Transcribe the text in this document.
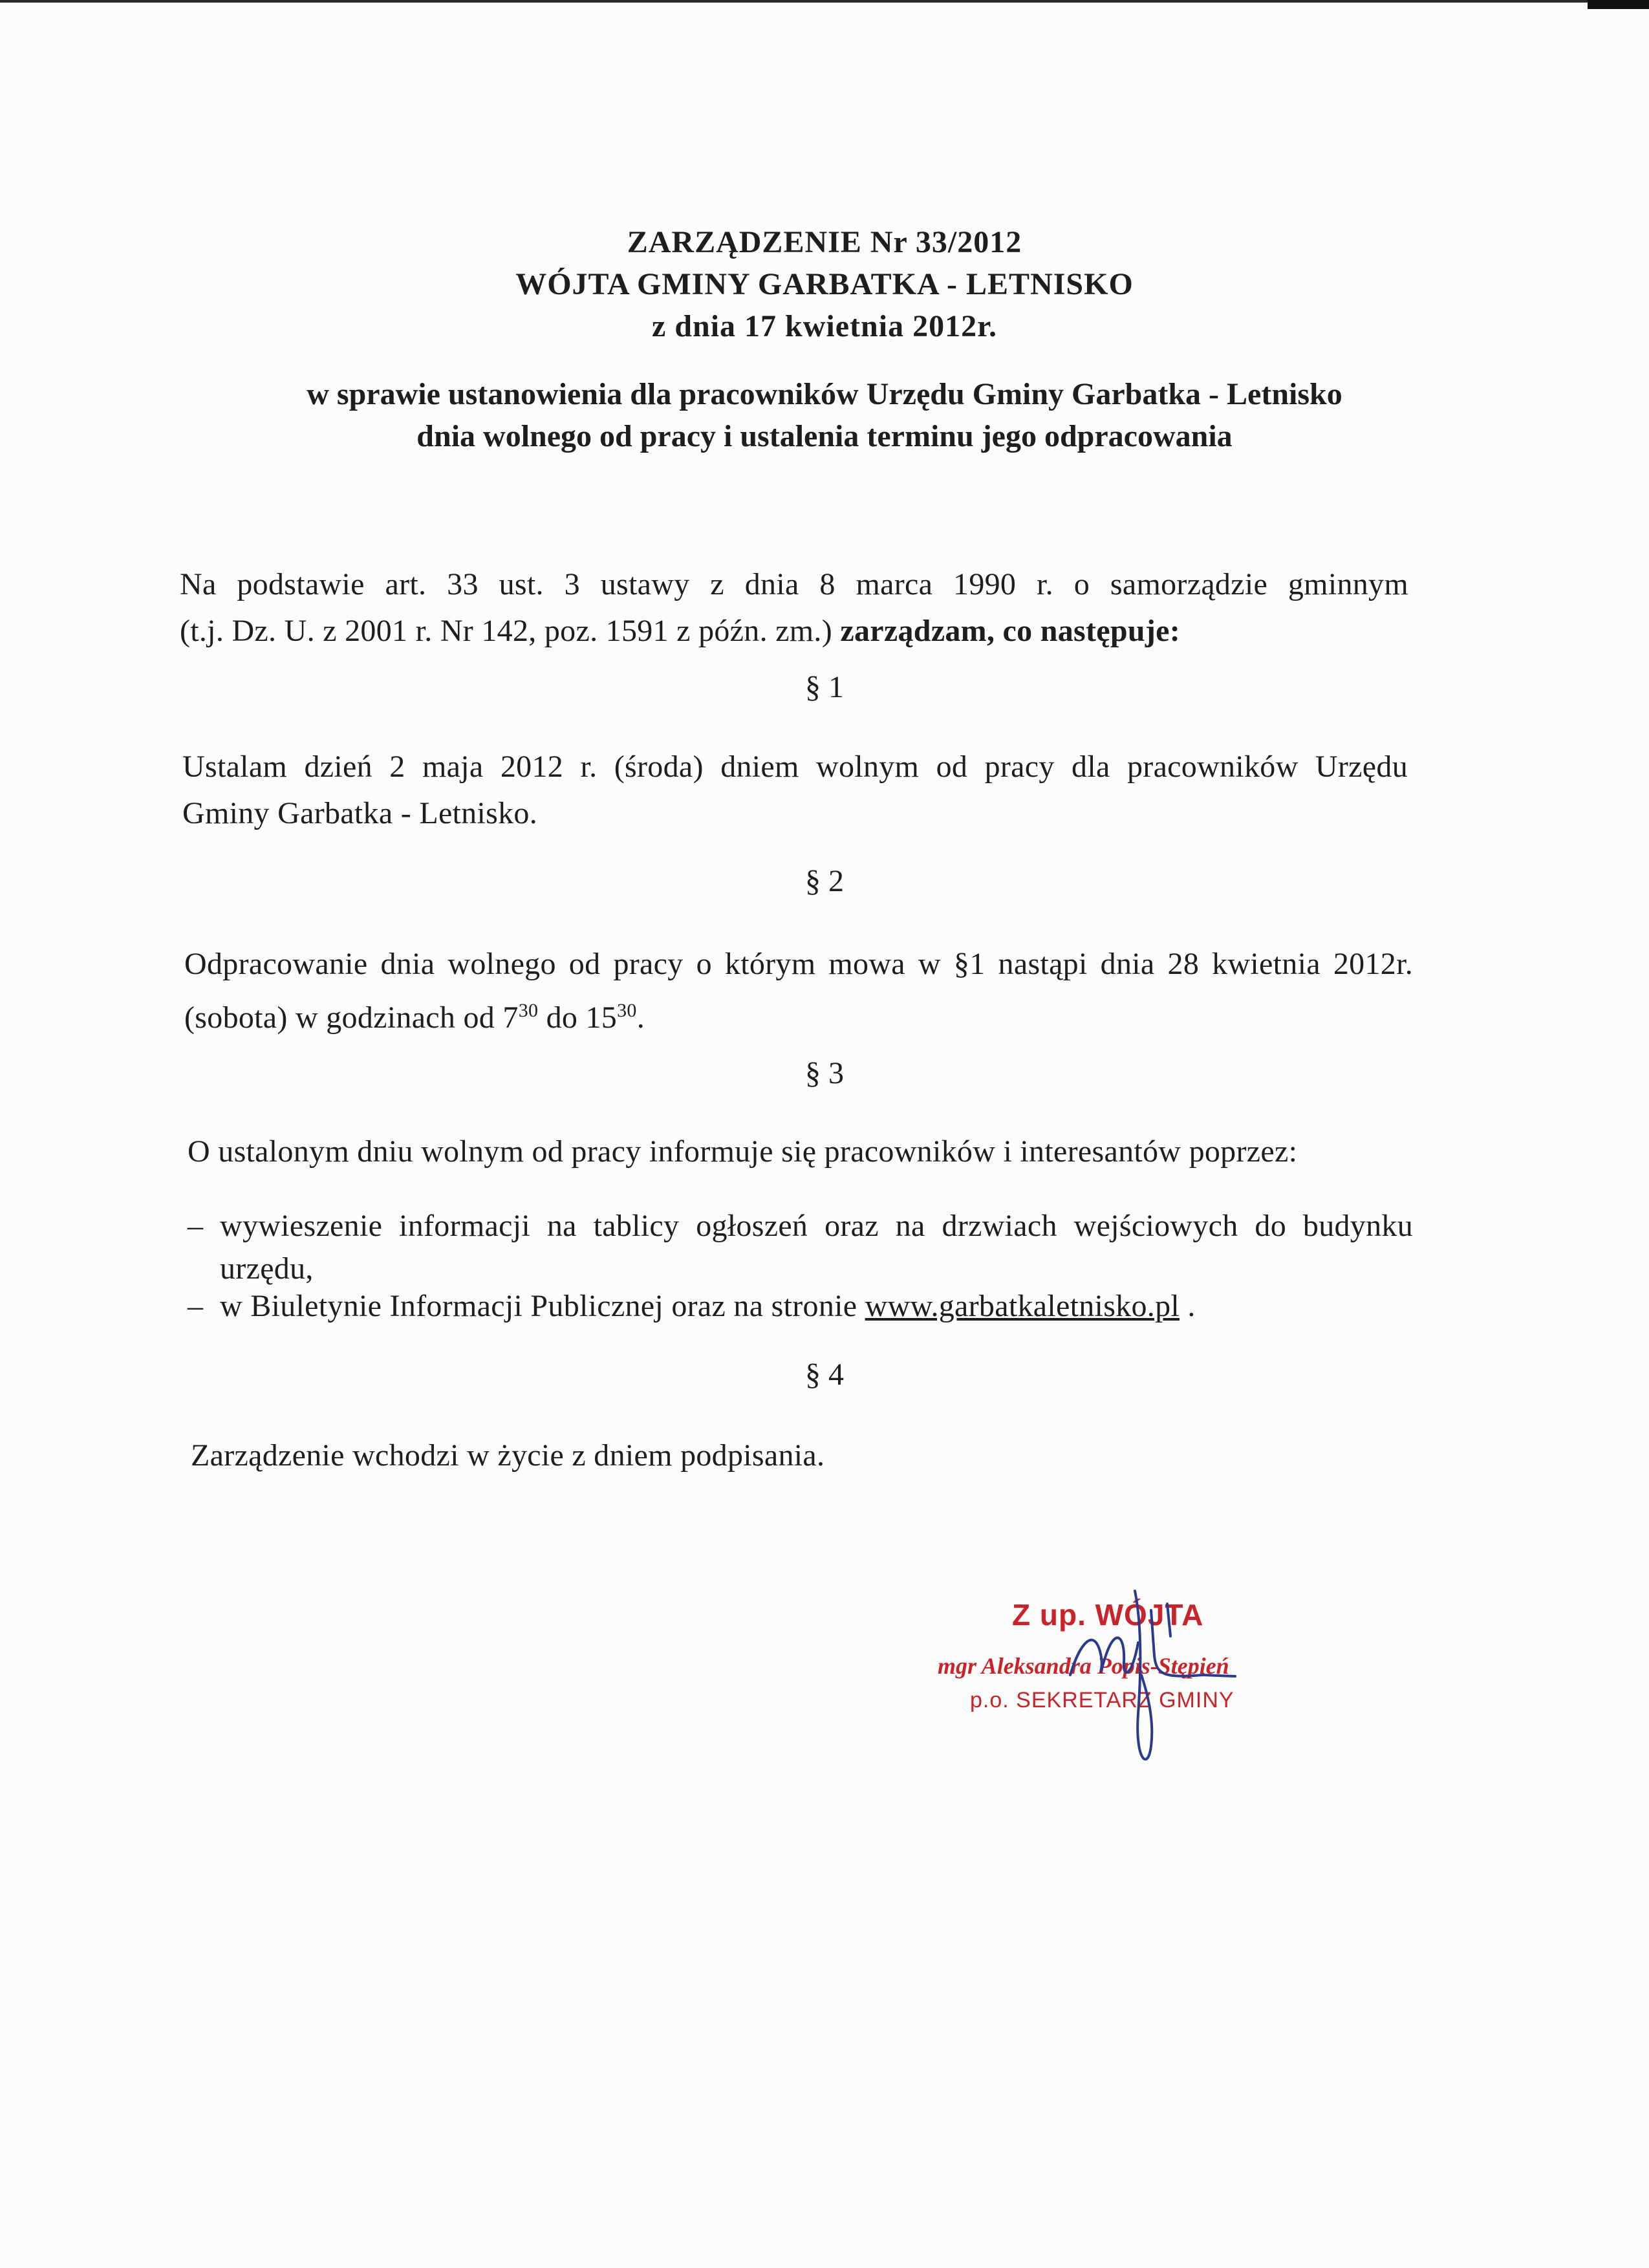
ZARZĄDZENIE Nr 33/2012
WÓJTA GMINY GARBATKA - LETNISKO
z dnia 17 kwietnia 2012r.
w sprawie ustanowienia dla pracowników Urzędu Gminy Garbatka - Letnisko
dnia wolnego od pracy i ustalenia terminu jego odpracowania
Na podstawie art. 33 ust. 3 ustawy z dnia 8 marca 1990 r. o samorządzie gminnym
(t.j. Dz. U. z 2001 r. Nr 142, poz. 1591 z późn. zm.) zarządzam, co następuje:
§ 1
Ustalam dzień 2 maja 2012 r. (środa) dniem wolnym od pracy dla pracowników Urzędu
Gminy Garbatka - Letnisko.
§ 2
Odpracowanie dnia wolnego od pracy o którym mowa w §1 nastąpi dnia 28 kwietnia 2012r.
(sobota) w godzinach od $7^{30}$ do $15^{30}$.
§ 3
O ustalonym dniu wolnym od pracy informuje się pracowników i interesantów poprzez:
– wywieszenie informacji na tablicy ogłoszeń oraz na drzwiach wejściowych do budynku
urzędu,
– w Biuletynie Informacji Publicznej oraz na stronie www.garbatkaletnisko.pl .
§ 4
Zarządzenie wchodzi w życie z dniem podpisania.
Z up. WÓJTA
mgr Aleksandra Popis-Stępień
p.o. SEKRETARZ GMINY
